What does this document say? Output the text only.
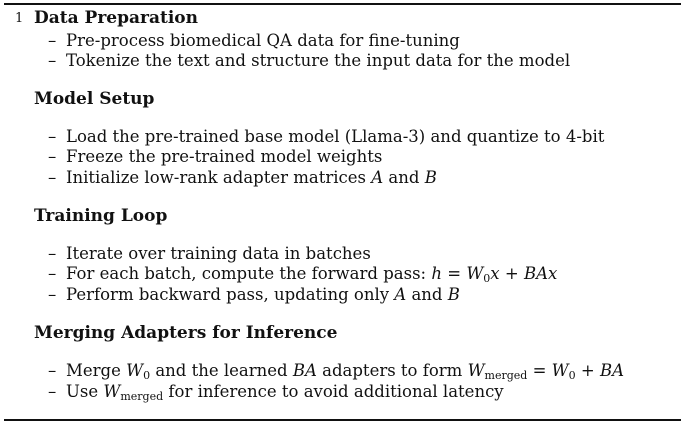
1 Data Preparation
– Pre-process biomedical QA data for fine-tuning
– Tokenize the text and structure the input data for the model
Model Setup
– Load the pre-trained base model (Llama-3) and quantize to 4-bit
– Freeze the pre-trained model weights
– Initialize low-rank adapter matrices A and B
Training Loop
– Iterate over training data in batches
– For each batch, compute the forward pass: $h = W_0x$ + BAx
– Perform backward pass, updating only A and B
Merging Adapters for Inference
– Merge $W_0$ and the learned BA adapters to form $W_{merged} = W_0$ + BA
– Use $W_{merged}$ for inference to avoid additional latency
